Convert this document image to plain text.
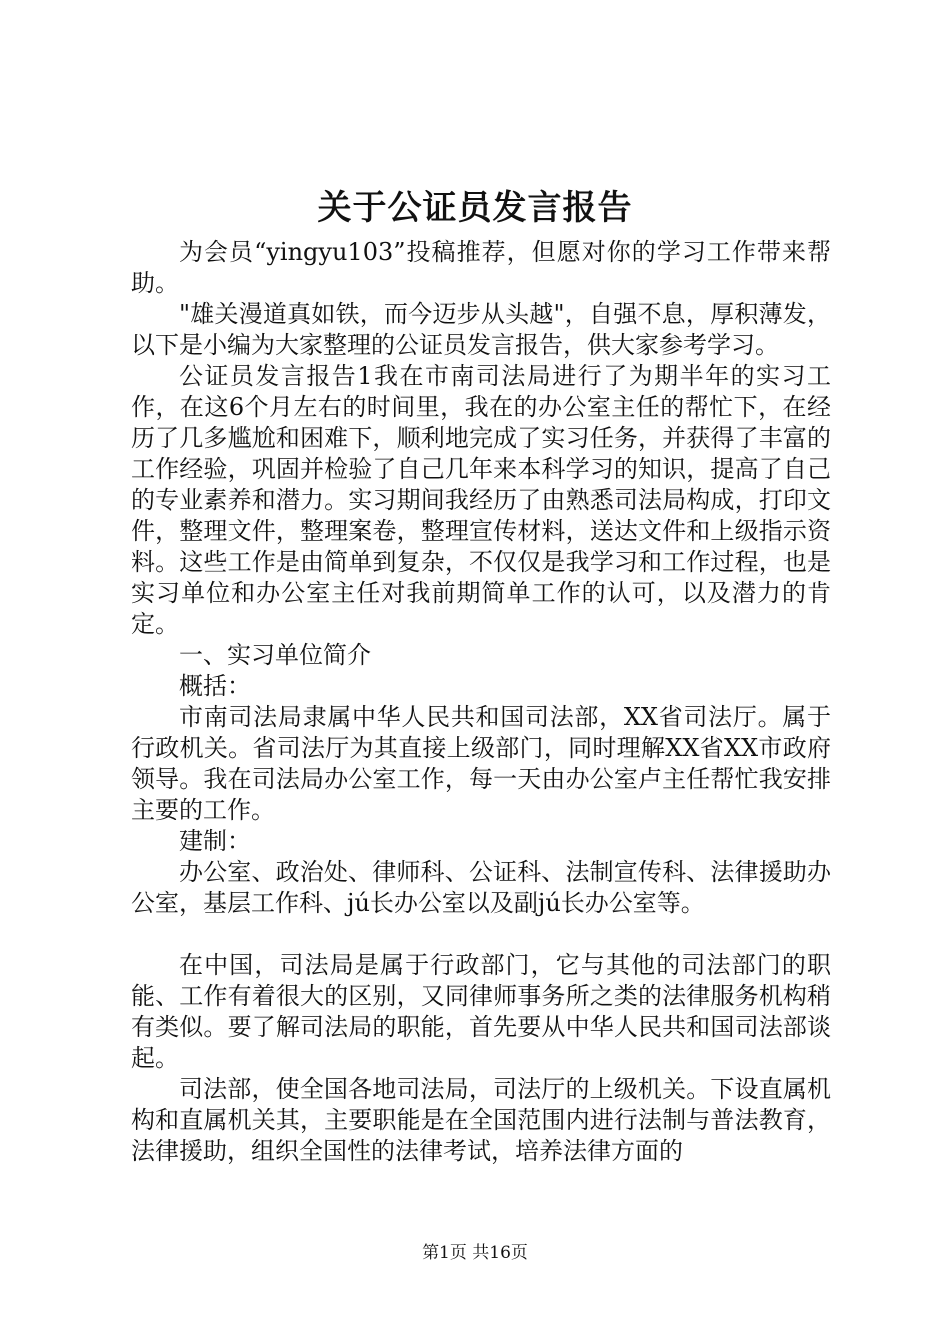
关于公证员发言报告

为会员“yingyu103”投稿推荐，但愿对你的学习工作带来帮助。

"雄关漫道真如铁，而今迈步从头越"，自强不息，厚积薄发，以下是小编为大家整理的公证员发言报告，供大家参考学习。

公证员发言报告1我在市南司法局进行了为期半年的实习工作，在这6个月左右的时间里，我在的办公室主任的帮忙下，在经历了几多尴尬和困难下，顺利地完成了实习任务，并获得了丰富的工作经验，巩固并检验了自己几年来本科学习的知识，提高了自己的专业素养和潜力。实习期间我经历了由熟悉司法局构成，打印文件，整理文件，整理案卷，整理宣传材料，送达文件和上级指示资料。这些工作是由简单到复杂，不仅仅是我学习和工作过程，也是实习单位和办公室主任对我前期简单工作的认可，以及潜力的肯定。

一、实习单位简介

概括：

市南司法局隶属中华人民共和国司法部，XX省司法厅。属于行政机关。省司法厅为其直接上级部门，同时理解XX省XX市政府领导。我在司法局办公室工作，每一天由办公室卢主任帮忙我安排主要的工作。

建制：

办公室、政治处、律师科、公证科、法制宣传科、法律援助办公室，基层工作科、jú长办公室以及副jú长办公室等。

在中国，司法局是属于行政部门，它与其他的司法部门的职能、工作有着很大的区别，又同律师事务所之类的法律服务机构稍有类似。要了解司法局的职能，首先要从中华人民共和国司法部谈起。

司法部，使全国各地司法局，司法厅的上级机关。下设直属机构和直属机关其，主要职能是在全国范围内进行法制与普法教育，法律援助，组织全国性的法律考试，培养法律方面的

第1页 共16页
